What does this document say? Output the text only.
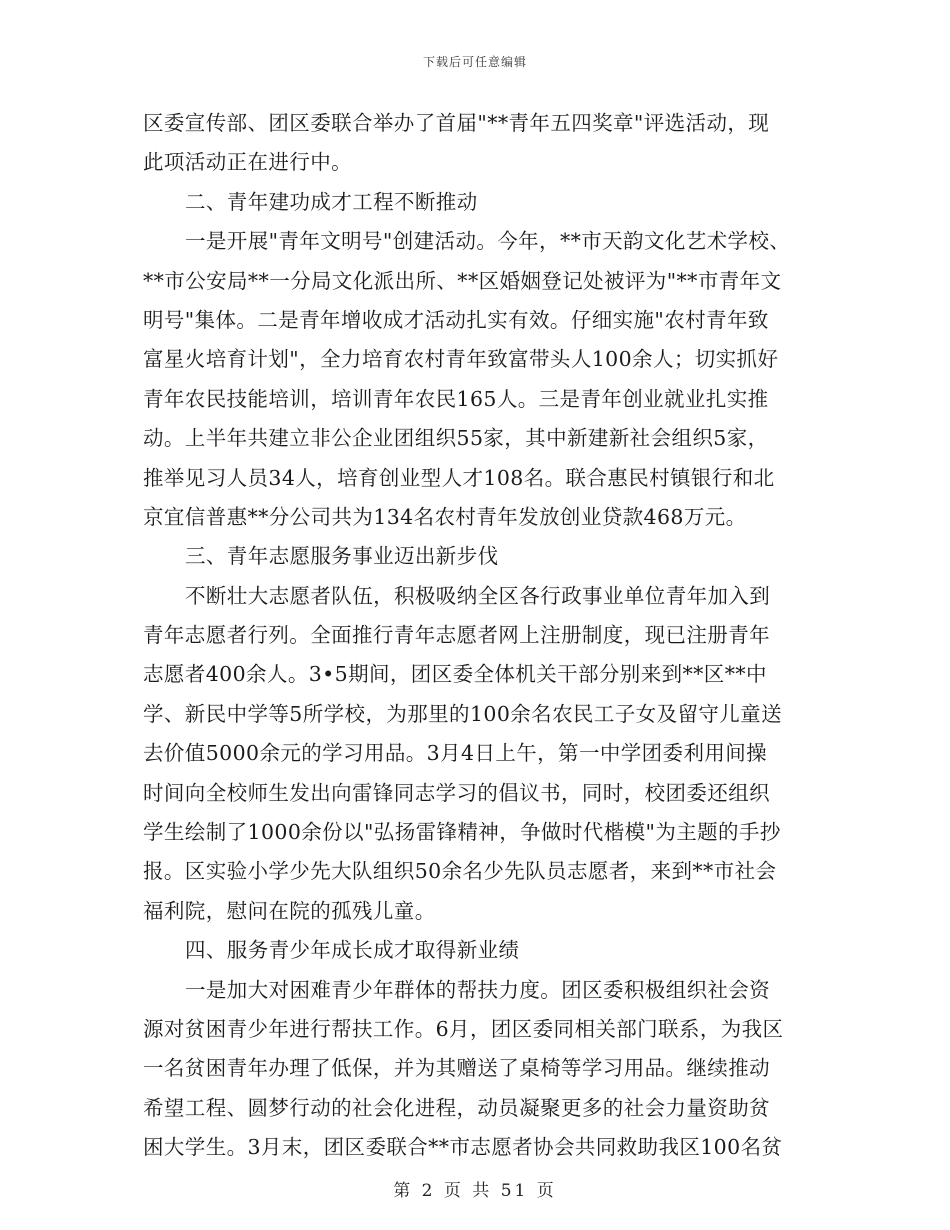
下载后可任意编辑
区委宣传部、团区委联合举办了首届"**青年五四奖章"评选活动，现
此项活动正在进行中。
二、青年建功成才工程不断推动
一是开展"青年文明号"创建活动。今年，**市天韵文化艺术学校、
**市公安局**一分局文化派出所、**区婚姻登记处被评为"**市青年文
明号"集体。二是青年增收成才活动扎实有效。仔细实施"农村青年致
富星火培育计划"，全力培育农村青年致富带头人100余人；切实抓好
青年农民技能培训，培训青年农民165人。三是青年创业就业扎实推
动。上半年共建立非公企业团组织55家，其中新建新社会组织5家，
推举见习人员34人，培育创业型人才108名。联合惠民村镇银行和北
京宜信普惠**分公司共为134名农村青年发放创业贷款468万元。
三、青年志愿服务事业迈出新步伐
不断壮大志愿者队伍，积极吸纳全区各行政事业单位青年加入到
青年志愿者行列。全面推行青年志愿者网上注册制度，现已注册青年
志愿者400余人。3•5期间，团区委全体机关干部分别来到**区**中
学、新民中学等5所学校，为那里的100余名农民工子女及留守儿童送
去价值5000余元的学习用品。3月4日上午，第一中学团委利用间操
时间向全校师生发出向雷锋同志学习的倡议书，同时，校团委还组织
学生绘制了1000余份以"弘扬雷锋精神，争做时代楷模"为主题的手抄
报。区实验小学少先大队组织50余名少先队员志愿者，来到**市社会
福利院，慰问在院的孤残儿童。
四、服务青少年成长成才取得新业绩
一是加大对困难青少年群体的帮扶力度。团区委积极组织社会资
源对贫困青少年进行帮扶工作。6月，团区委同相关部门联系，为我区
一名贫困青年办理了低保，并为其赠送了桌椅等学习用品。继续推动
希望工程、圆梦行动的社会化进程，动员凝聚更多的社会力量资助贫
困大学生。3月末，团区委联合**市志愿者协会共同救助我区100名贫
第 2 页 共 51 页
